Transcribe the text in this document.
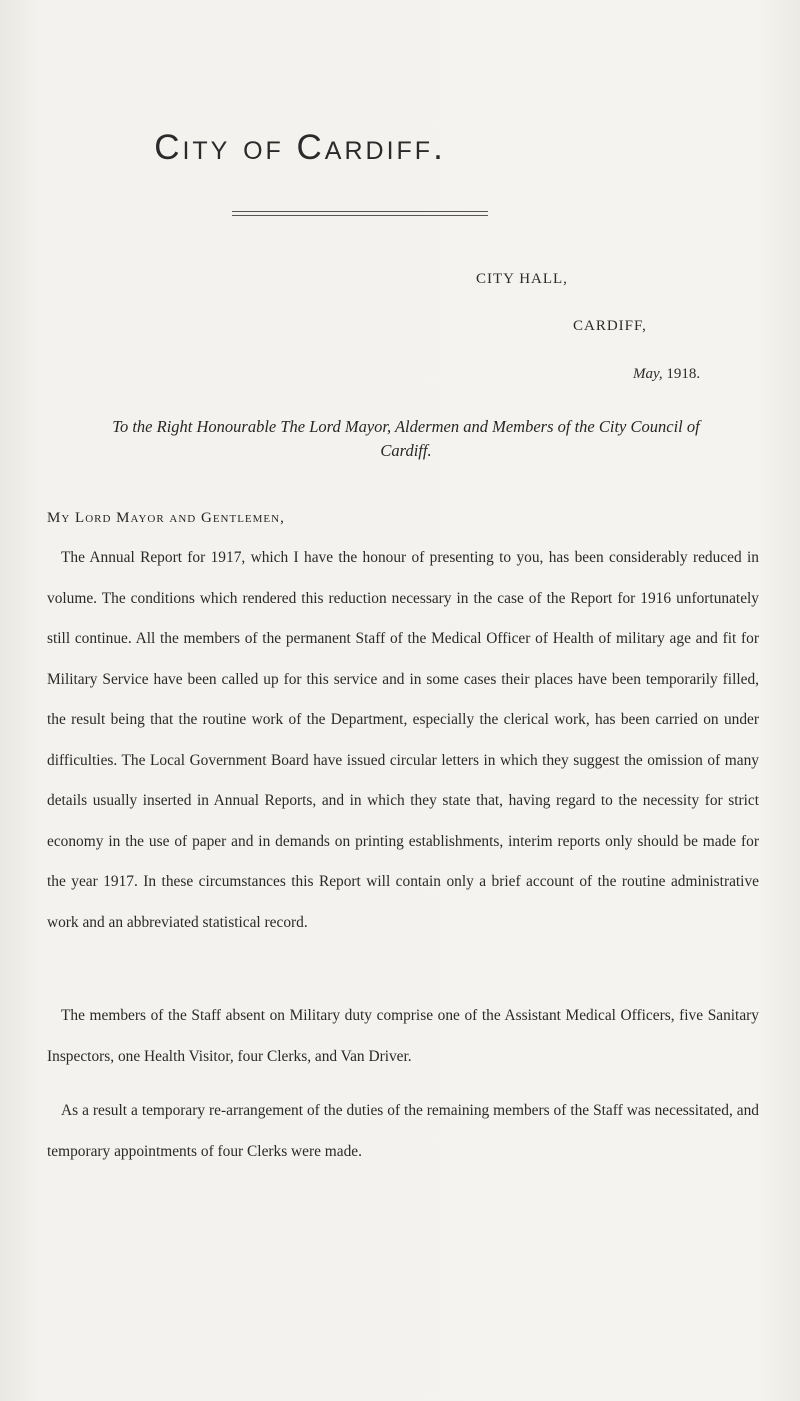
City of Cardiff.
CITY HALL,
CARDIFF,
May, 1918.
To the Right Honourable The Lord Mayor, Aldermen and Members of the City Council of Cardiff.
My Lord Mayor and Gentlemen,
The Annual Report for 1917, which I have the honour of presenting to you, has been considerably reduced in volume. The conditions which rendered this reduction necessary in the case of the Report for 1916 unfortunately still continue. All the members of the permanent Staff of the Medical Officer of Health of military age and fit for Military Service have been called up for this service and in some cases their places have been temporarily filled, the result being that the routine work of the Department, especially the clerical work, has been carried on under difficulties. The Local Government Board have issued circular letters in which they suggest the omission of many details usually inserted in Annual Reports, and in which they state that, having regard to the necessity for strict economy in the use of paper and in demands on printing establishments, interim reports only should be made for the year 1917. In these circumstances this Report will contain only a brief account of the routine administrative work and an abbreviated statistical record.
The members of the Staff absent on Military duty comprise one of the Assistant Medical Officers, five Sanitary Inspectors, one Health Visitor, four Clerks, and Van Driver.
As a result a temporary re-arrangement of the duties of the remaining members of the Staff was necessitated, and temporary appointments of four Clerks were made.
